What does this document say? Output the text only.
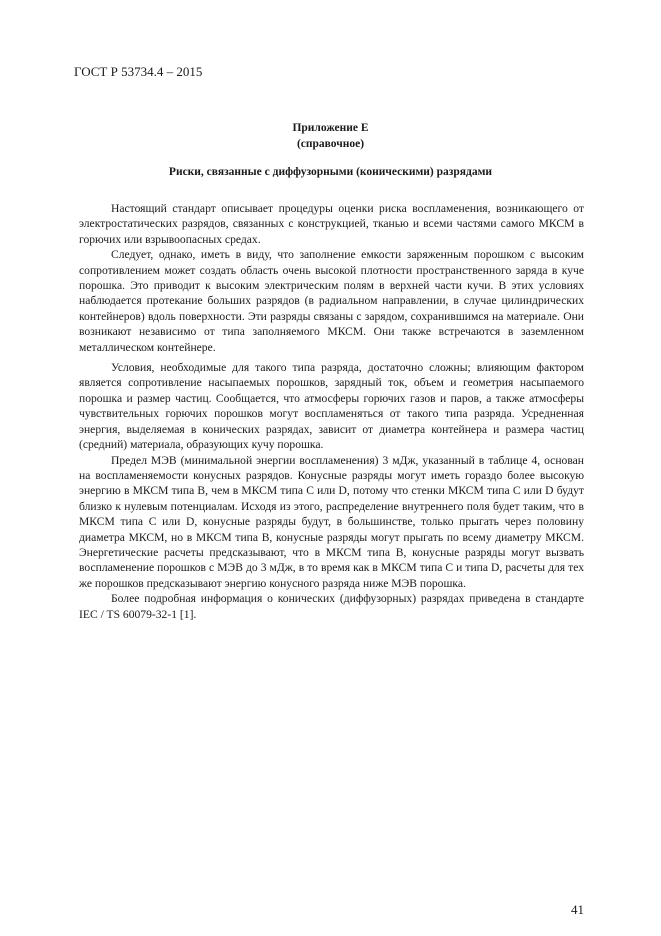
ГОСТ Р 53734.4 – 2015
Приложение Е
(справочное)
Риски, связанные с диффузорными (коническими) разрядами

Настоящий стандарт описывает процедуры оценки риска воспламенения, возникающего от электростатических разрядов, связанных с конструкцией, тканью и всеми частями самого МКСМ в горючих или взрывоопасных средах.

Следует, однако, иметь в виду, что заполнение емкости заряженным порошком с высоким сопротивлением может создать область очень высокой плотности пространственного заряда в куче порошка. Это приводит к высоким электрическим полям в верхней части кучи. В этих условиях наблюдается протекание больших разрядов (в радиальном направлении, в случае цилиндрических контейнеров) вдоль поверхности. Эти разряды связаны с зарядом, сохранившимся на материале. Они возникают независимо от типа заполняемого МКСМ. Они также встречаются в заземленном металлическом контейнере.

Условия, необходимые для такого типа разряда, достаточно сложны; влияющим фактором является сопротивление насыпаемых порошков, зарядный ток, объем и геометрия насыпаемого порошка и размер частиц. Сообщается, что атмосферы горючих газов и паров, а также атмосферы чувствительных горючих порошков могут воспламеняться от такого типа разряда. Усредненная энергия, выделяемая в конических разрядах, зависит от диаметра контейнера и размера частиц (средний) материала, образующих кучу порошка.

Предел МЭВ (минимальной энергии воспламенения) 3 мДж, указанный в таблице 4, основан на воспламеняемости конусных разрядов. Конусные разряды могут иметь гораздо более высокую энергию в МКСМ типа В, чем в МКСМ типа С или D, потому что стенки МКСМ типа С или D будут близко к нулевым потенциалам. Исходя из этого, распределение внутреннего поля будет таким, что в МКСМ типа С или D, конусные разряды будут, в большинстве, только прыгать через половину диаметра МКСМ, но в МКСМ типа В, конусные разряды могут прыгать по всему диаметру МКСМ. Энергетические расчеты предсказывают, что в МКСМ типа В, конусные разряды могут вызвать воспламенение порошков с МЭВ до 3 мДж, в то время как в МКСМ типа С и типа D, расчеты для тех же порошков предсказывают энергию конусного разряда ниже МЭВ порошка.

Более подробная информация о конических (диффузорных) разрядах приведена в стандарте IEC / TS 60079-32-1 [1].

41
